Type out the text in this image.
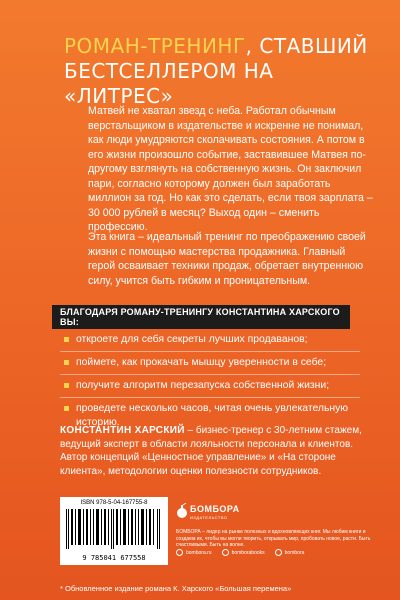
РОМАН-ТРЕНИНГ, СТАВШИЙ БЕСТСЕЛЛЕРОМ НА «ЛИТРЕС»
Матвей не хватал звезд с неба. Работал обычным верстальщиком в издательстве и искренне не понимал, как люди умудряются сколачивать состояния. А потом в его жизни произошло событие, заставившее Матвея по-другому взглянуть на собственную жизнь. Он заключил пари, согласно которому должен был заработать миллион за год. Но как это сделать, если твоя зарплата – 30 000 рублей в месяц? Выход один – сменить профессию.
Эта книга – идеальный тренинг по преображению своей жизни с помощью мастерства продажника. Главный герой осваивает техники продаж, обретает внутреннюю силу, учится быть гибким и проницательным.
БЛАГОДАРЯ РОМАНУ-ТРЕНИНГУ КОНСТАНТИНА ХАРСКОГО ВЫ:
откроете для себя секреты лучших продаванов;
поймете, как прокачать мышцу уверенности в себе;
получите алгоритм перезапуска собственной жизни;
проведете несколько часов, читая очень увлекательную историю.
КОНСТАНТИН ХАРСКИЙ – бизнес-тренер с 30-летним стажем, ведущий эксперт в области лояльности персонала и клиентов. Автор концепций «Ценностное управление» и «На стороне клиента», методологии оценки полезности сотрудников.
ISBN 978-5-04-167755-8
9 785041 677558
БОМБОРА
ИЗДАТЕЛЬСТВО
БОМБОРА – лидер на рынке полезных и вдохновляющих книг. Мы любим книги и создаем их, чтобы вы могли творить, открывать мир, пробовать новое, расти. Быть счастливыми. Быть на волне.
bombora.ru	bomborabooks	bombora
* Обновленное издание романа К. Харского «Большая перемена»
